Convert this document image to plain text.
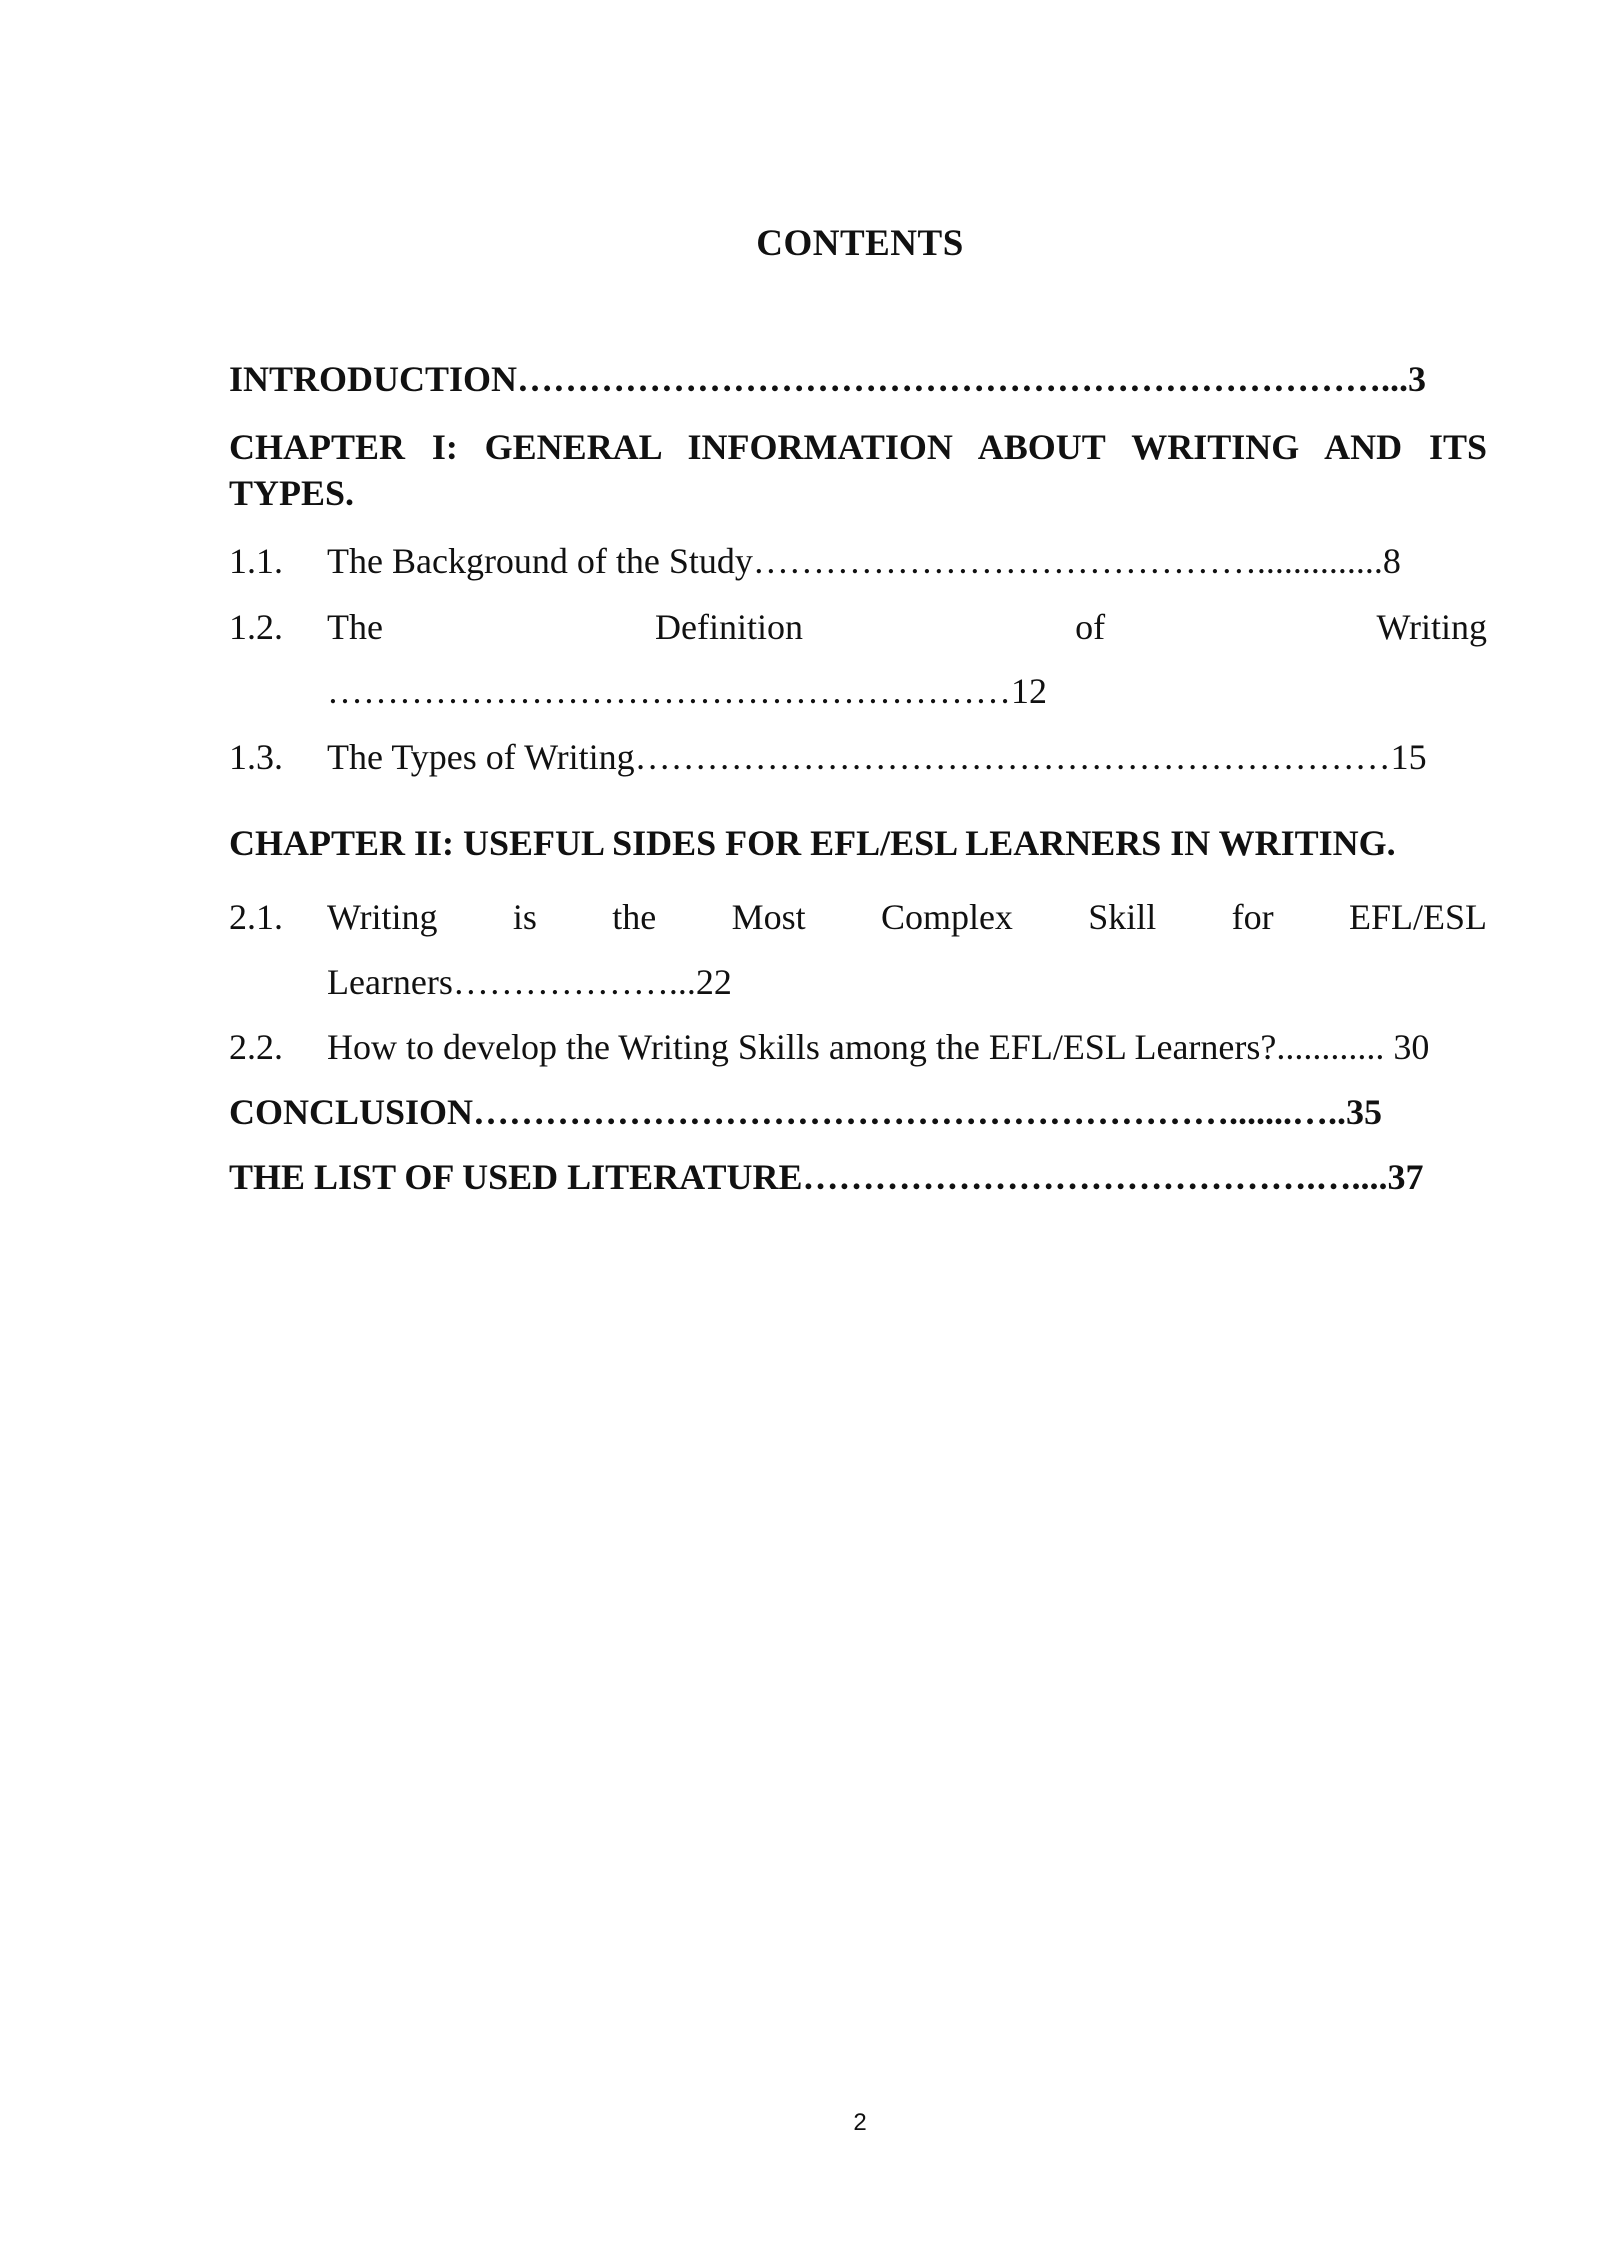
CONTENTS
INTRODUCTION………………………………………………………………...3
CHAPTER I: GENERAL INFORMATION ABOUT WRITING AND ITS
TYPES.
1.1. The Background of the Study……………………………………..............8
1.2. The Definition of Writing
…………………………………………………12
1.3. The Types of Writing………………………………………………………15
CHAPTER II: USEFUL SIDES FOR EFL/ESL LEARNERS IN WRITING.
2.1. Writing is the Most Complex Skill for EFL/ESL
Learners………………...22
2.2. How to develop the Writing Skills among the EFL/ESL Learners?............ 30
CONCLUSION……………………………………………………….......…..35
THE LIST OF USED LITERATURE…………………………………….…....37
2
